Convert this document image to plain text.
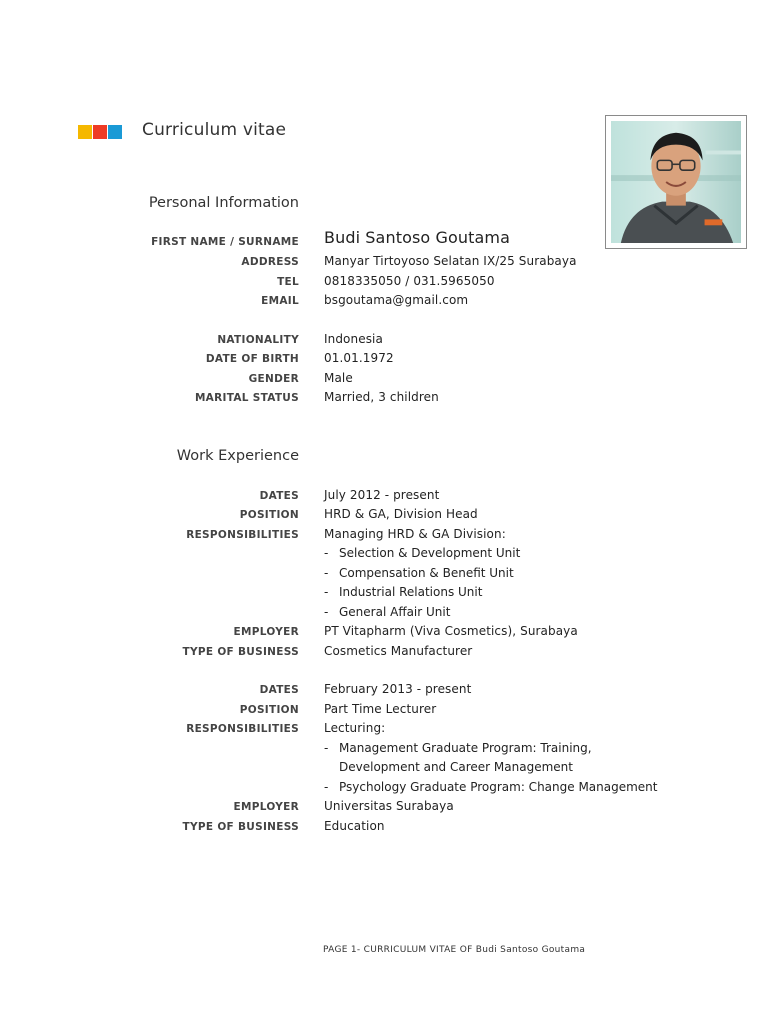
Curriculum vitae
Personal Information
FIRST NAME / SURNAME Budi Santoso Goutama
ADDRESS Manyar Tirtoyoso Selatan IX/25 Surabaya
TEL 0818335050 / 031.5965050
EMAIL bsgoutama@gmail.com
NATIONALITY Indonesia
DATE OF BIRTH 01.01.1972
GENDER Male
MARITAL STATUS Married, 3 children
Work Experience
DATES July 2012 - present
POSITION HRD & GA, Division Head
RESPONSIBILITIES Managing HRD & GA Division:
- Selection & Development Unit
- Compensation & Benefit Unit
- Industrial Relations Unit
- General Affair Unit
EMPLOYER PT Vitapharm (Viva Cosmetics), Surabaya
TYPE OF BUSINESS Cosmetics Manufacturer
DATES February 2013 - present
POSITION Part Time Lecturer
RESPONSIBILITIES Lecturing:
- Management Graduate Program: Training,
Development and Career Management
- Psychology Graduate Program: Change Management
EMPLOYER Universitas Surabaya
TYPE OF BUSINESS Education
PAGE 1- CURRICULUM VITAE OF Budi Santoso Goutama
